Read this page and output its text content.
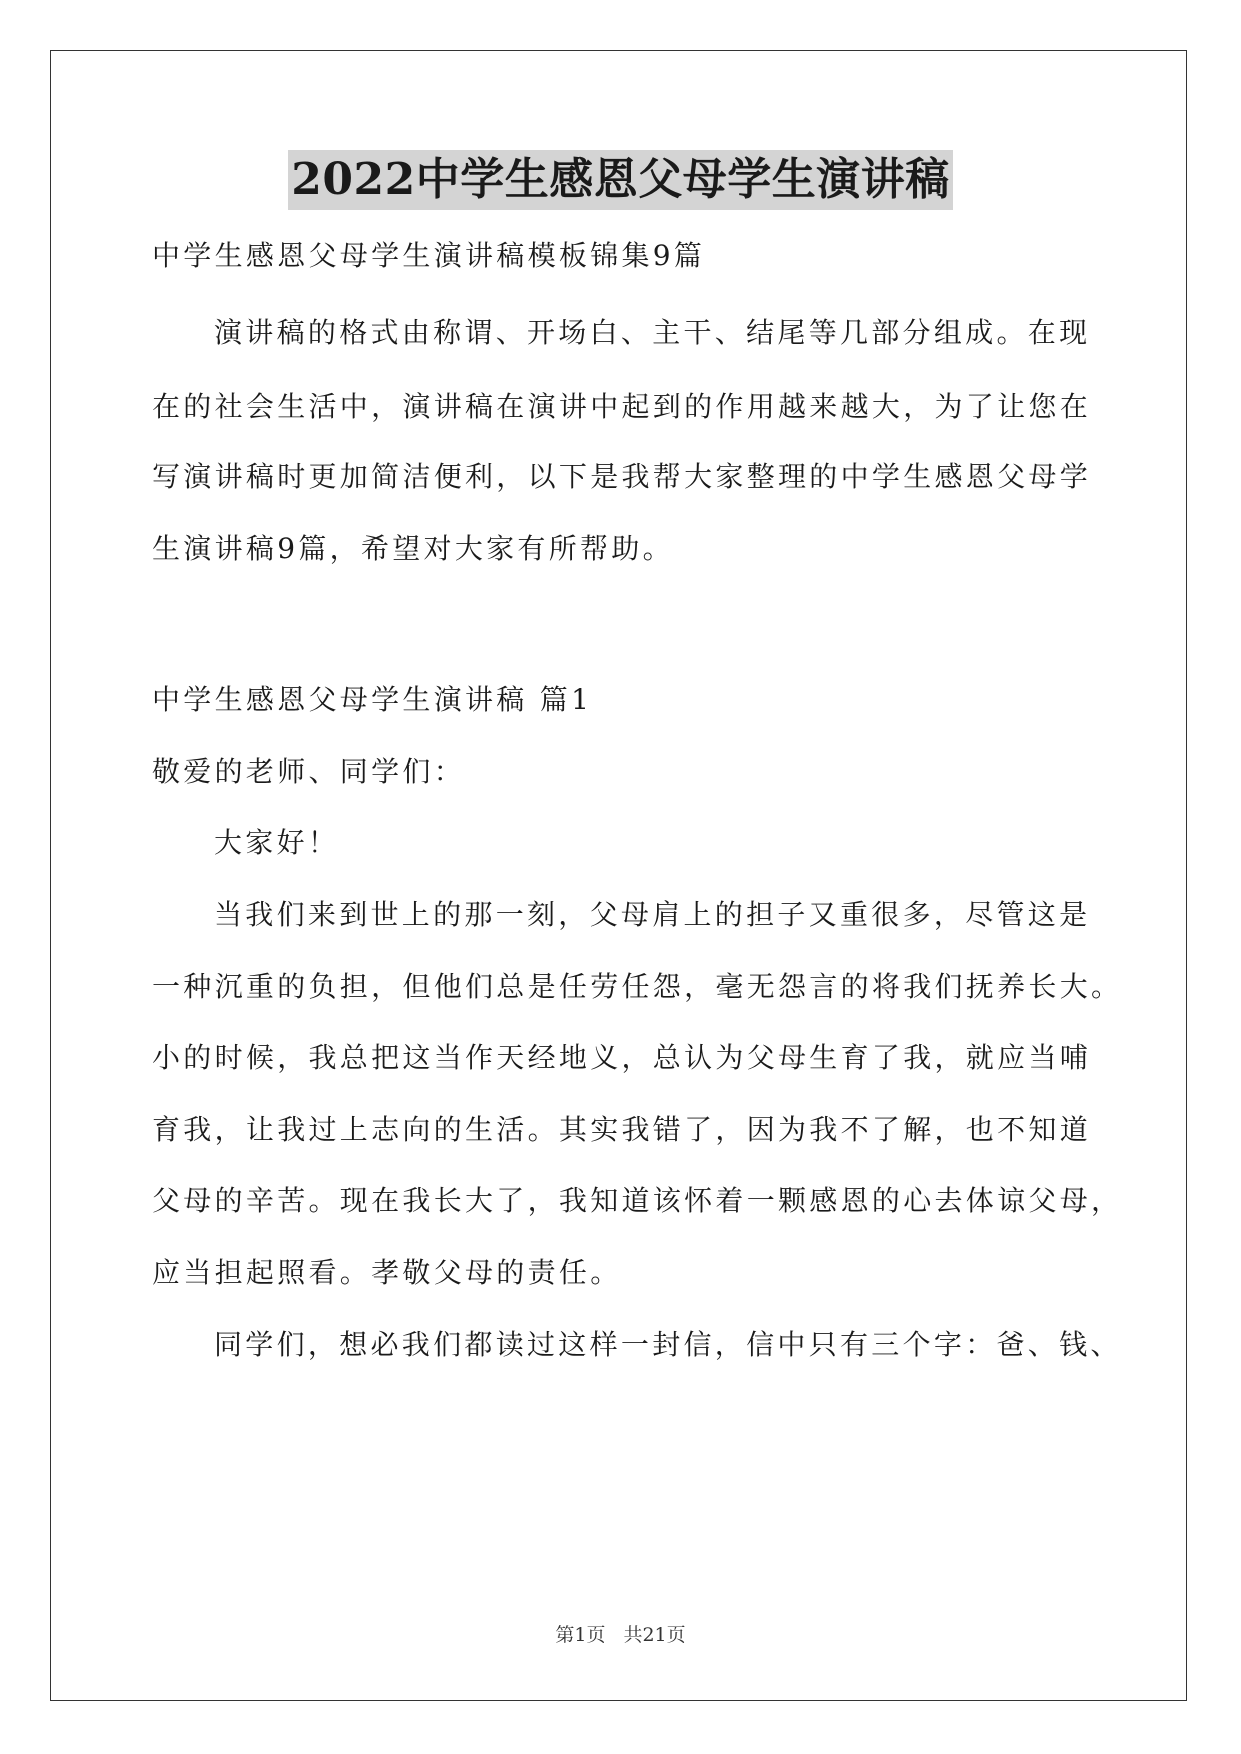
2022中学生感恩父母学生演讲稿

中学生感恩父母学生演讲稿模板锦集9篇

演讲稿的格式由称谓、开场白、主干、结尾等几部分组成。在现

在的社会生活中，演讲稿在演讲中起到的作用越来越大，为了让您在

写演讲稿时更加简洁便利，以下是我帮大家整理的中学生感恩父母学

生演讲稿9篇，希望对大家有所帮助。

中学生感恩父母学生演讲稿 篇1

敬爱的老师、同学们：

大家好！

当我们来到世上的那一刻，父母肩上的担子又重很多，尽管这是

一种沉重的负担，但他们总是任劳任怨，毫无怨言的将我们抚养长大。

小的时候，我总把这当作天经地义，总认为父母生育了我，就应当哺

育我，让我过上志向的生活。其实我错了，因为我不了解，也不知道

父母的辛苦。现在我长大了，我知道该怀着一颗感恩的心去体谅父母，

应当担起照看。孝敬父母的责任。

同学们，想必我们都读过这样一封信，信中只有三个字：爸、钱、

第1页 共21页
